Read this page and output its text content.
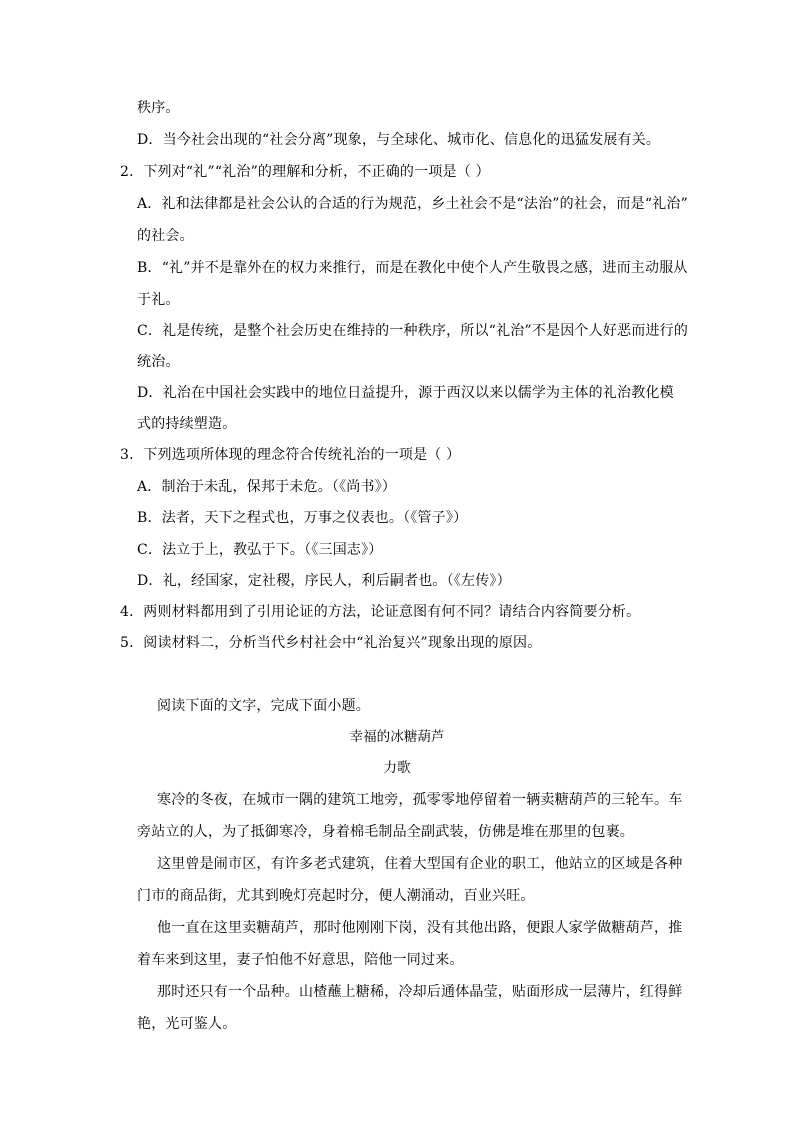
秩序。
D．当今社会出现的“社会分离”现象，与全球化、城市化、信息化的迅猛发展有关。
2．下列对“礼”“礼治”的理解和分析，不正确的一项是（ ）
A．礼和法律都是社会公认的合适的行为规范，乡土社会不是“法治”的社会，而是“礼治”
的社会。
B．“礼”并不是靠外在的权力来推行，而是在教化中使个人产生敬畏之感，进而主动服从
于礼。
C．礼是传统，是整个社会历史在维持的一种秩序，所以“礼治”不是因个人好恶而进行的
统治。
D．礼治在中国社会实践中的地位日益提升，源于西汉以来以儒学为主体的礼治教化模
式的持续塑造。
3．下列选项所体现的理念符合传统礼治的一项是（ ）
A．制治于未乱，保邦于未危。（《尚书》）
B．法者，天下之程式也，万事之仪表也。（《管子》）
C．法立于上，教弘于下。（《三国志》）
D．礼，经国家，定社稷，序民人，利后嗣者也。（《左传》）
4．两则材料都用到了引用论证的方法，论证意图有何不同？请结合内容简要分析。
5．阅读材料二，分析当代乡村社会中“礼治复兴”现象出现的原因。
阅读下面的文字，完成下面小题。
幸福的冰糖葫芦
力歌
寒冷的冬夜，在城市一隅的建筑工地旁，孤零零地停留着一辆卖糖葫芦的三轮车。车
旁站立的人，为了抵御寒冷，身着棉毛制品全副武装，仿佛是堆在那里的包裹。
这里曾是闹市区，有许多老式建筑，住着大型国有企业的职工，他站立的区域是各种
门市的商品街，尤其到晚灯亮起时分，便人潮涌动，百业兴旺。
他一直在这里卖糖葫芦，那时他刚刚下岗，没有其他出路，便跟人家学做糖葫芦，推
着车来到这里，妻子怕他不好意思，陪他一同过来。
那时还只有一个品种。山楂蘸上糖稀，冷却后通体晶莹，贴面形成一层薄片，红得鲜
艳，光可鉴人。
